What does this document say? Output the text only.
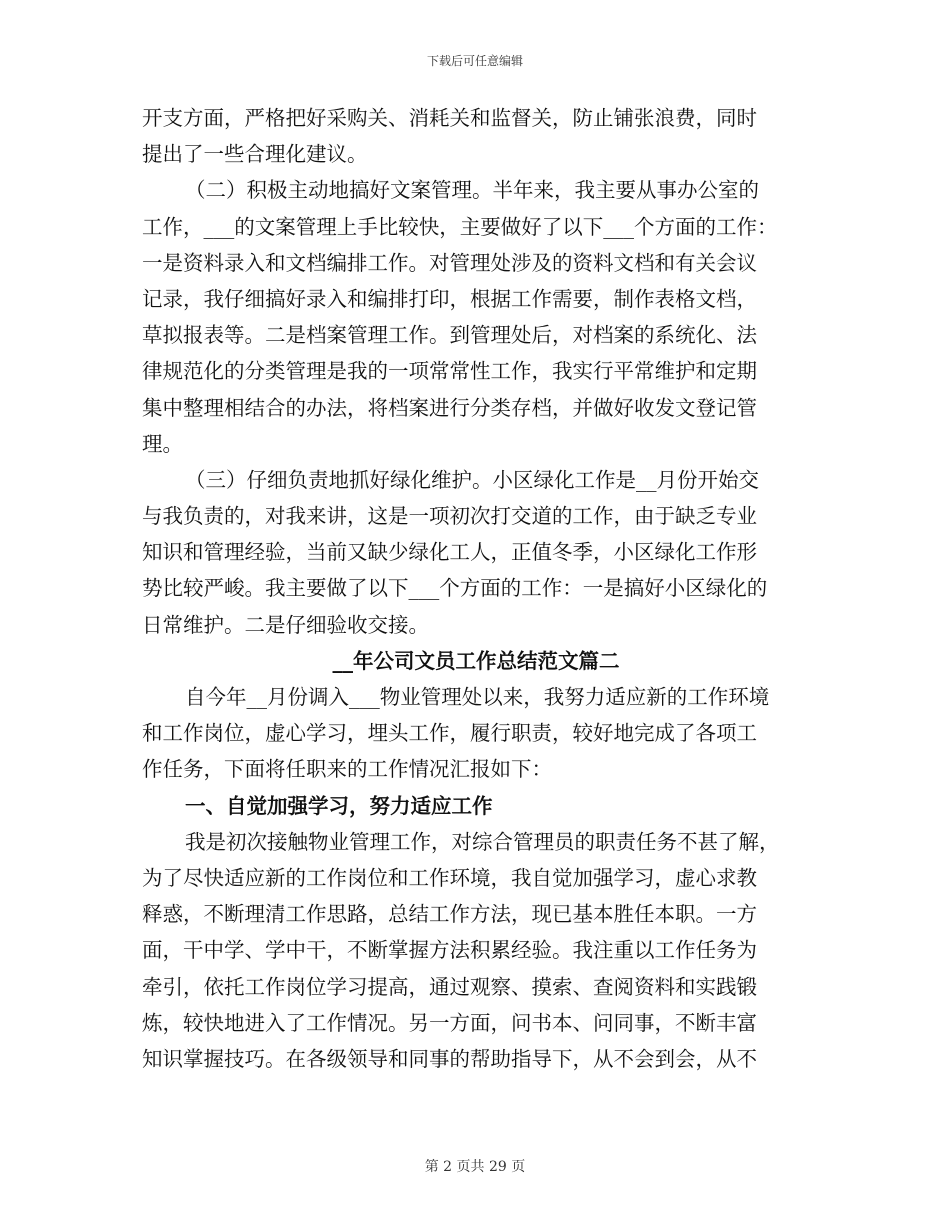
下载后可任意编辑
开支方面，严格把好采购关、消耗关和监督关，防止铺张浪费，同时
提出了一些合理化建议。
（二）积极主动地搞好文案管理。半年来，我主要从事办公室的
工作，___的文案管理上手比较快，主要做好了以下___个方面的工作：
一是资料录入和文档编排工作。对管理处涉及的资料文档和有关会议
记录，我仔细搞好录入和编排打印，根据工作需要，制作表格文档，
草拟报表等。二是档案管理工作。到管理处后，对档案的系统化、法
律规范化的分类管理是我的一项常常性工作，我实行平常维护和定期
集中整理相结合的办法，将档案进行分类存档，并做好收发文登记管
理。
（三）仔细负责地抓好绿化维护。小区绿化工作是__月份开始交
与我负责的，对我来讲，这是一项初次打交道的工作，由于缺乏专业
知识和管理经验，当前又缺少绿化工人，正值冬季，小区绿化工作形
势比较严峻。我主要做了以下___个方面的工作：一是搞好小区绿化的
日常维护。二是仔细验收交接。
__年公司文员工作总结范文篇二
自今年__月份调入___物业管理处以来，我努力适应新的工作环境
和工作岗位，虚心学习，埋头工作，履行职责，较好地完成了各项工
作任务，下面将任职来的工作情况汇报如下：
一、自觉加强学习，努力适应工作
我是初次接触物业管理工作，对综合管理员的职责任务不甚了解，
为了尽快适应新的工作岗位和工作环境，我自觉加强学习，虚心求教
释惑，不断理清工作思路，总结工作方法，现已基本胜任本职。一方
面，干中学、学中干，不断掌握方法积累经验。我注重以工作任务为
牵引，依托工作岗位学习提高，通过观察、摸索、查阅资料和实践锻
炼，较快地进入了工作情况。另一方面，问书本、问同事，不断丰富
知识掌握技巧。在各级领导和同事的帮助指导下，从不会到会，从不
第 2 页共 29 页
